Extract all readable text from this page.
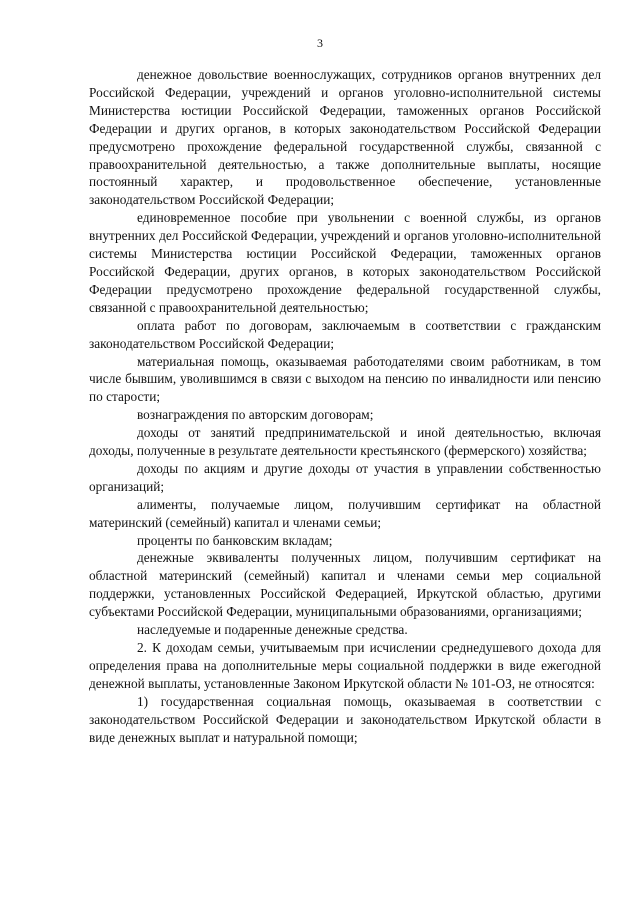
3

денежное довольствие военнослужащих, сотрудников органов внутренних дел Российской Федерации, учреждений и органов уголовно-исполнительной системы Министерства юстиции Российской Федерации, таможенных органов Российской Федерации и других органов, в которых законодательством Российской Федерации предусмотрено прохождение федеральной государственной службы, связанной с правоохранительной деятельностью, а также дополнительные выплаты, носящие постоянный характер, и продовольственное обеспечение, установленные законодательством Российской Федерации;

единовременное пособие при увольнении с военной службы, из органов внутренних дел Российской Федерации, учреждений и органов уголовно-исполнительной системы Министерства юстиции Российской Федерации, таможенных органов Российской Федерации, других органов, в которых законодательством Российской Федерации предусмотрено прохождение федеральной государственной службы, связанной с правоохранительной деятельностью;

оплата работ по договорам, заключаемым в соответствии с гражданским законодательством Российской Федерации;

материальная помощь, оказываемая работодателями своим работникам, в том числе бывшим, уволившимся в связи с выходом на пенсию по инвалидности или пенсию по старости;

вознаграждения по авторским договорам;

доходы от занятий предпринимательской и иной деятельностью, включая доходы, полученные в результате деятельности крестьянского (фермерского) хозяйства;

доходы по акциям и другие доходы от участия в управлении собственностью организаций;

алименты, получаемые лицом, получившим сертификат на областной материнский (семейный) капитал и членами семьи;

проценты по банковским вкладам;

денежные эквиваленты полученных лицом, получившим сертификат на областной материнский (семейный) капитал и членами семьи мер социальной поддержки, установленных Российской Федерацией, Иркутской областью, другими субъектами Российской Федерации, муниципальными образованиями, организациями;

наследуемые и подаренные денежные средства.

2. К доходам семьи, учитываемым при исчислении среднедушевого дохода для определения права на дополнительные меры социальной поддержки в виде ежегодной денежной выплаты, установленные Законом Иркутской области № 101-ОЗ, не относятся:

1) государственная социальная помощь, оказываемая в соответствии с законодательством Российской Федерации и законодательством Иркутской области в виде денежных выплат и натуральной помощи;
